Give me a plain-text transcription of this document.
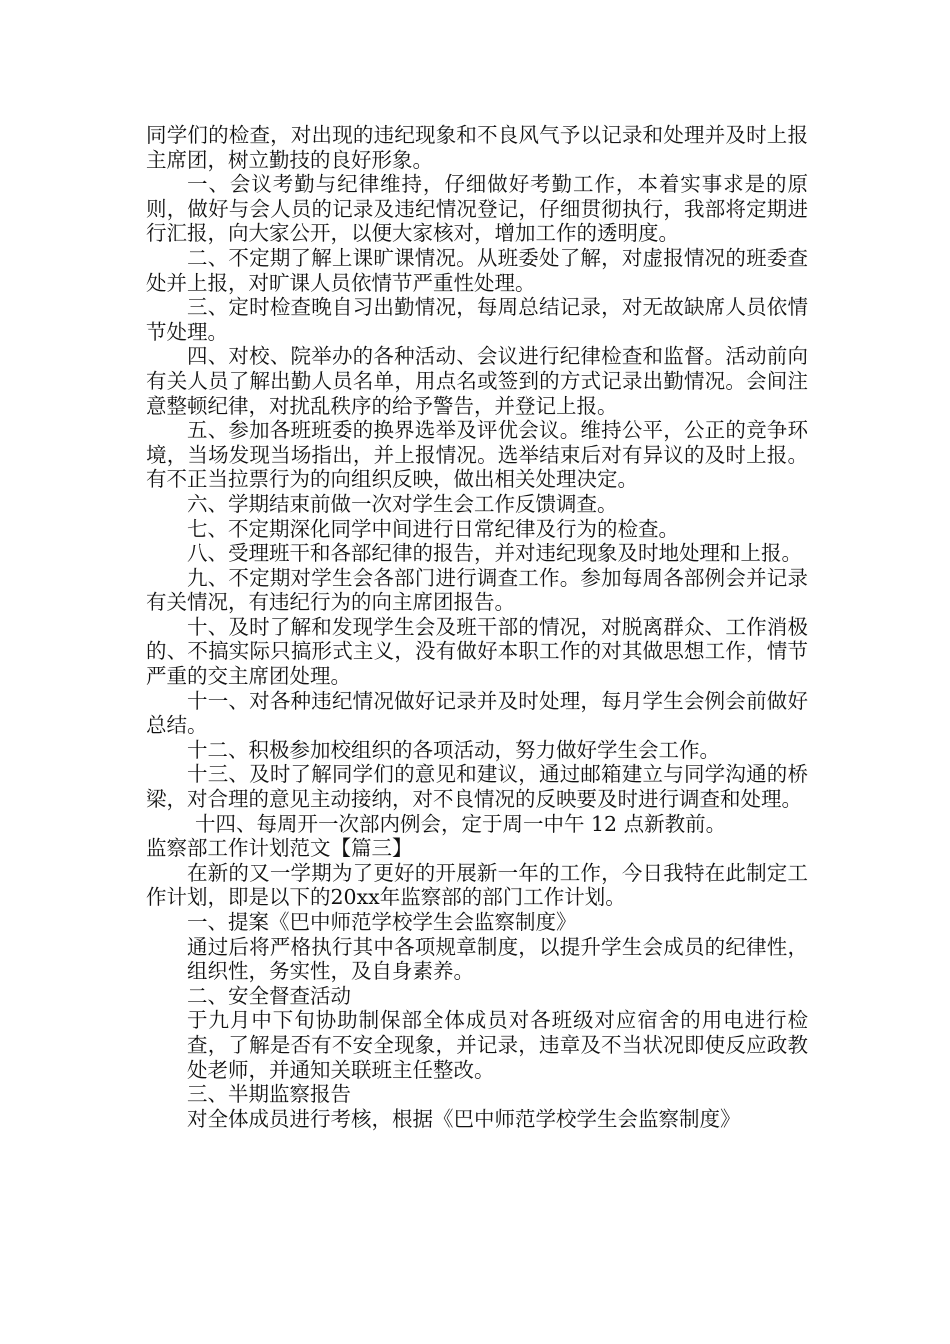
同学们的检查，对出现的违纪现象和不良风气予以记录和处理并及时上报主席团，树立勤技的良好形象。

一、会议考勤与纪律维持，仔细做好考勤工作，本着实事求是的原则，做好与会人员的记录及违纪情况登记，仔细贯彻执行，我部将定期进行汇报，向大家公开，以便大家核对，增加工作的透明度。

二、不定期了解上课旷课情况。从班委处了解，对虚报情况的班委查处并上报，对旷课人员依情节严重性处理。

三、定时检查晚自习出勤情况，每周总结记录，对无故缺席人员依情节处理。

四、对校、院举办的各种活动、会议进行纪律检查和监督。活动前向有关人员了解出勤人员名单，用点名或签到的方式记录出勤情况。会间注意整顿纪律，对扰乱秩序的给予警告，并登记上报。

五、参加各班班委的换界选举及评优会议。维持公平，公正的竞争环境，当场发现当场指出，并上报情况。选举结束后对有异议的及时上报。有不正当拉票行为的向组织反映，做出相关处理决定。

六、学期结束前做一次对学生会工作反馈调查。

七、不定期深化同学中间进行日常纪律及行为的检查。

八、受理班干和各部纪律的报告，并对违纪现象及时地处理和上报。

九、不定期对学生会各部门进行调查工作。参加每周各部例会并记录有关情况，有违纪行为的向主席团报告。

十、及时了解和发现学生会及班干部的情况，对脱离群众、工作消极的、不搞实际只搞形式主义，没有做好本职工作的对其做思想工作，情节严重的交主席团处理。

十一、对各种违纪情况做好记录并及时处理，每月学生会例会前做好总结。

十二、积极参加校组织的各项活动，努力做好学生会工作。

十三、及时了解同学们的意见和建议，通过邮箱建立与同学沟通的桥梁，对合理的意见主动接纳，对不良情况的反映要及时进行调查和处理。

十四、每周开一次部内例会，定于周一中午 12 点新教前。

监察部工作计划范文【篇三】

在新的又一学期为了更好的开展新一年的工作，今日我特在此制定工作计划，即是以下的20xx年监察部的部门工作计划。

一、提案《巴中师范学校学生会监察制度》

通过后将严格执行其中各项规章制度，以提升学生会成员的纪律性，组织性，务实性，及自身素养。

二、安全督查活动

于九月中下旬协助制保部全体成员对各班级对应宿舍的用电进行检查，了解是否有不安全现象，并记录，违章及不当状况即使反应政教处老师，并通知关联班主任整改。

三、半期监察报告

对全体成员进行考核，根据《巴中师范学校学生会监察制度》
